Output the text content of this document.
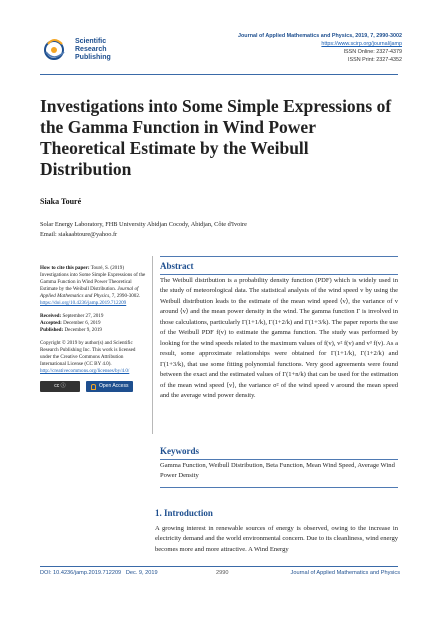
Scientific
Research
Publishing
Journal of Applied Mathematics and Physics, 2019, 7, 2990-3002
https://www.scirp.org/journal/jamp
ISSN Online: 2327-4379
ISSN Print: 2327-4352
Investigations into Some Simple Expressions of the Gamma Function in Wind Power Theoretical Estimate by the Weibull Distribution
Siaka Touré
Solar Energy Laboratory, FHB University Abidjan Cocody, Abidjan, Côte d'Ivoire
Email: siakaabtoure@yahoo.fr

How to cite this paper: Touré, S. (2019) Investigations into Some Simple Expressions of the Gamma Function in Wind Power Theoretical Estimate by the Weibull Distribution. Journal of Applied Mathematics and Physics, 7, 2990-3002. https://doi.org/10.4236/jamp.2019.712209

Received: September 27, 2019
Accepted: December 6, 2019
Published: December 9, 2019

Copyright © 2019 by author(s) and Scientific Research Publishing Inc. This work is licensed under the Creative Commons Attribution International License (CC BY 4.0).
http://creativecommons.org/licenses/by/4.0/

cc ⓘ	Open Access
Abstract

The Weibull distribution is a probability density function (PDF) which is widely used in the study of meteorological data. The statistical analysis of the wind speed v by using the Weibull distribution leads to the estimate of the mean wind speed ⟨v⟩, the variance of v around ⟨v⟩ and the mean power density in the wind. The gamma function Γ is involved in those calculations, particularly Γ(1+1/k), Γ(1+2/k) and Γ(1+3/k). The paper reports the use of the Weibull PDF f(v) to estimate the gamma function. The study was performed by looking for the wind speeds related to the maximum values of f(v), v² f(v) and v³ f(v). As a result, some approximate relationships were obtained for Γ(1+1/k), Γ(1+2/k) and Γ(1+3/k), that use some fitting polynomial functions. Very good agreements were found between the exact and the estimated values of Γ(1+n/k) that can be used for the estimation of the mean wind speed ⟨v⟩, the variance σ² of the wind speed v around the mean speed and the average wind power density.

Keywords

Gamma Function, Weibull Distribution, Beta Function, Mean Wind Speed, Average Wind Power Density

1. Introduction

A growing interest in renewable sources of energy is observed, owing to the increase in electricity demand and the world environmental concern. Due to its cleanliness, wind energy becomes more and more attractive. A Wind Energy

DOI: 10.4236/jamp.2019.712209 Dec. 9, 2019	2990	Journal of Applied Mathematics and Physics
